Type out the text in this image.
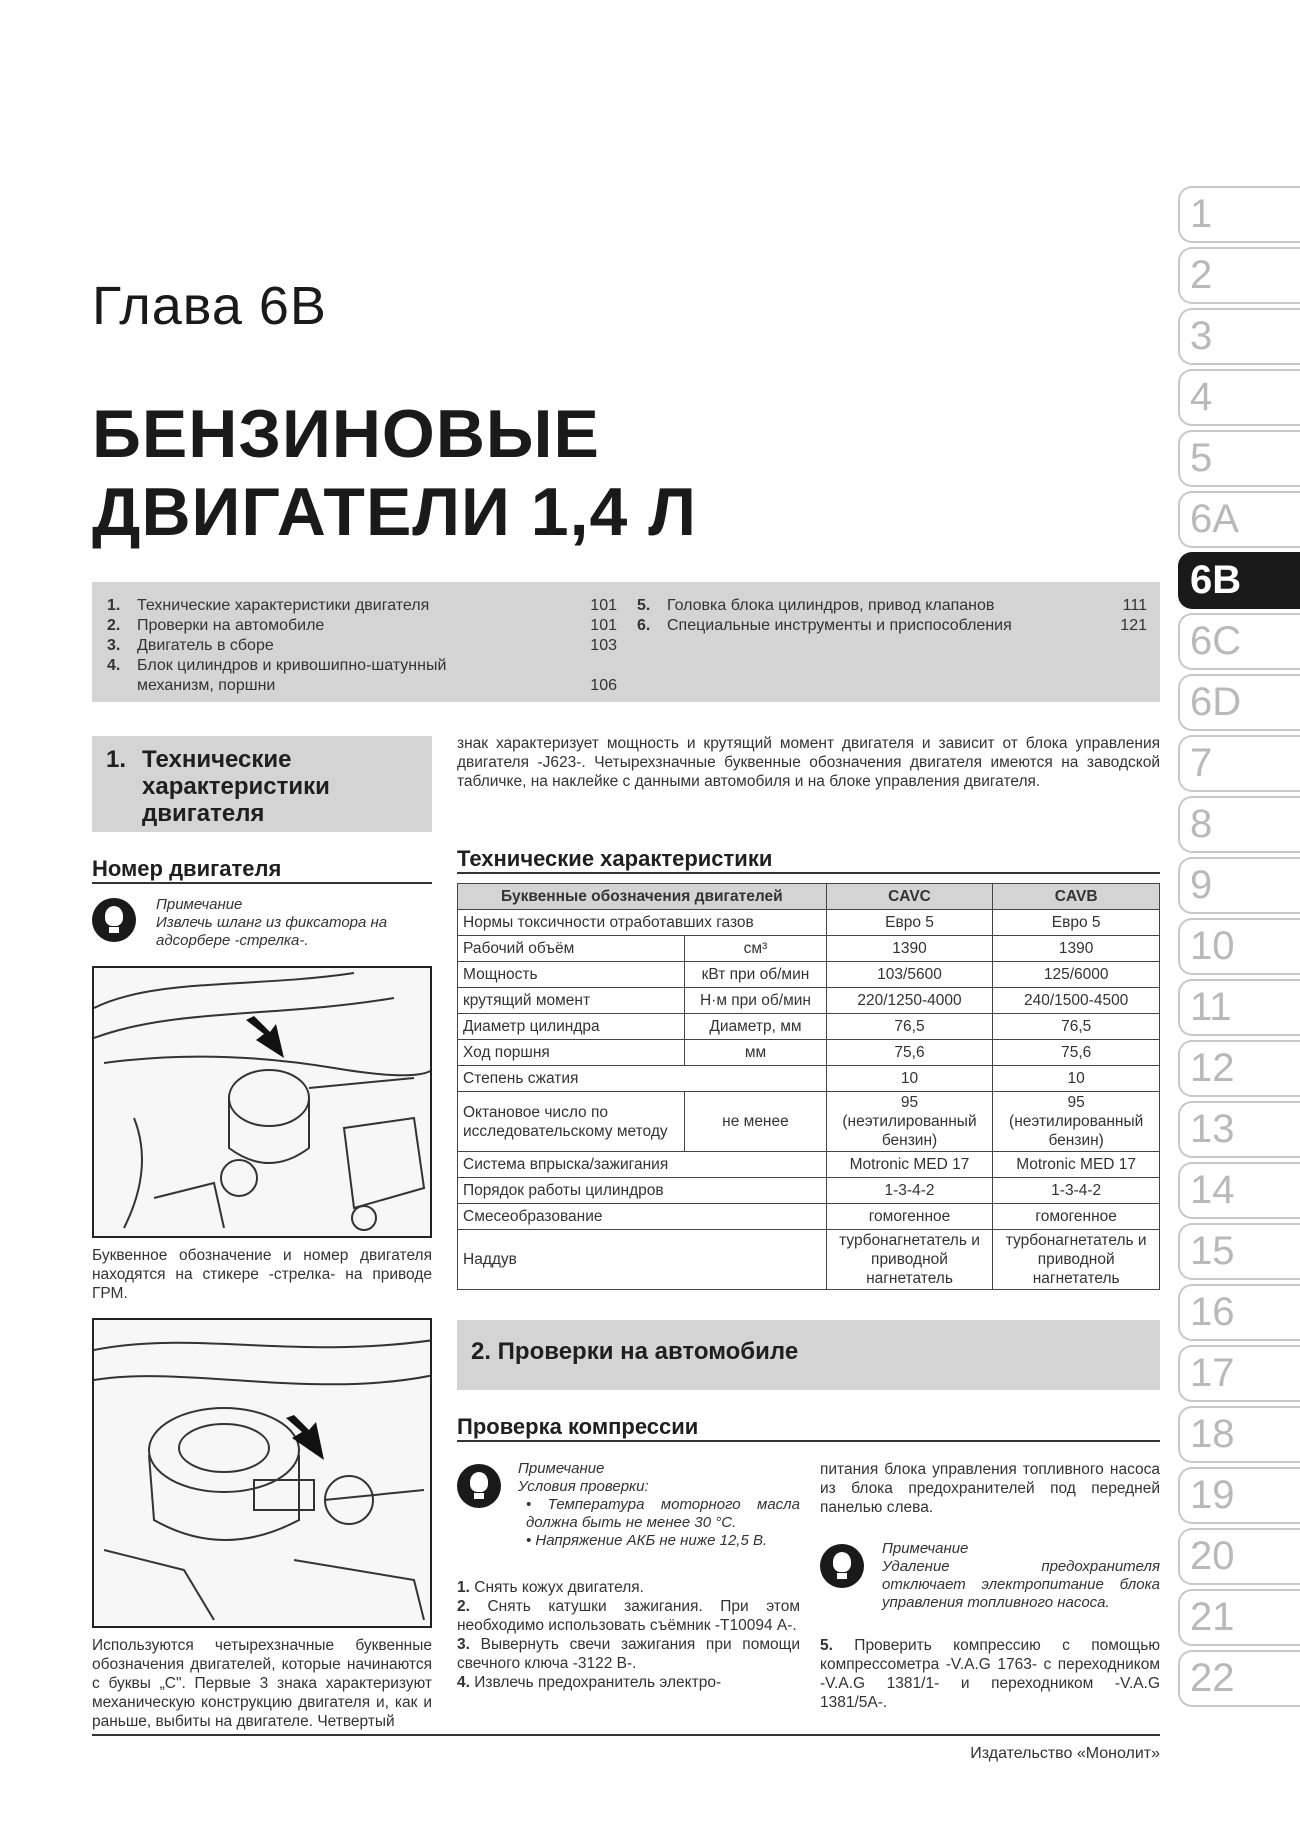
Глава 6В
БЕНЗИНОВЫЕ
ДВИГАТЕЛИ 1,4 Л
1.	Технические характеристики двигателя	101
2.	Проверки на автомобиле	101
3.	Двигатель в сборе	103
4.	Блок цилиндров и кривошипно-шатунный
механизм, поршни	106
5.	Головка блока цилиндров, привод клапанов	111
6.	Специальные инструменты и приспособления	121
1. Технические
характеристики
двигателя
знак характеризует мощность и крутящий момент двигателя и зависит от блока управления двигателя -J623-. Четырехзначные буквенные обозначения двигателя имеются на заводской табличке, на наклейке с данными автомобиля и на блоке управления двигателя.
Номер двигателя
Примечание
Извлечь шланг из фиксатора на адсорбере -стрелка-.
Буквенное обозначение и номер двигателя находятся на стикере -стрелка- на приводе ГРМ.
Используются четырехзначные буквенные обозначения двигателей, которые начинаются с буквы „С". Первые 3 знака характеризуют механическую конструкцию двигателя и, как и раньше, выбиты на двигателе. Четвертый
Технические характеристики
Буквенные обозначения двигателей		CAVC	CAVB
Нормы токсичности отработавших газов		Евро 5	Евро 5
Рабочий объём	см³	1390	1390
Мощность	кВт при об/мин	103/5600	125/6000
крутящий момент	Н·м при об/мин	220/1250-4000	240/1500-4500
Диаметр цилиндра	Диаметр, мм	76,5	76,5
Ход поршня	мм	75,6	75,6
Степень сжатия		10	10
Октановое число по исследовательскому методу	не менее	95 (неэтилированный бензин)	95 (неэтилированный бензин)
Система впрыска/зажигания		Motronic MED 17	Motronic MED 17
Порядок работы цилиндров		1-3-4-2	1-3-4-2
Смесеобразование		гомогенное	гомогенное
Наддув		турбонагнетатель и приводной нагнетатель	турбонагнетатель и приводной нагнетатель
2. Проверки на автомобиле
Проверка компрессии
Примечание
Условия проверки:
• Температура моторного масла должна быть не менее 30 °С.
• Напряжение АКБ не ниже 12,5 В.
1. Снять кожух двигателя.
2. Снять катушки зажигания. При этом необходимо использовать съёмник -Т10094 А-.
3. Вывернуть свечи зажигания при помощи свечного ключа -3122 В-.
4. Извлечь предохранитель электро-
питания блока управления топливного насоса из блока предохранителей под передней панелью слева.
Примечание
Удаление предохранителя отключает электропитание блока управления топливного насоса.
5. Проверить компрессию с помощью компрессометра -V.A.G 1763- с переходником -V.A.G 1381/1- и переходником -V.A.G 1381/5А-.
1
2
3
4
5
6A
6B
6C
6D
7
8
9
10
11
12
13
14
15
16
17
18
19
20
21
22
Издательство «Монолит»
